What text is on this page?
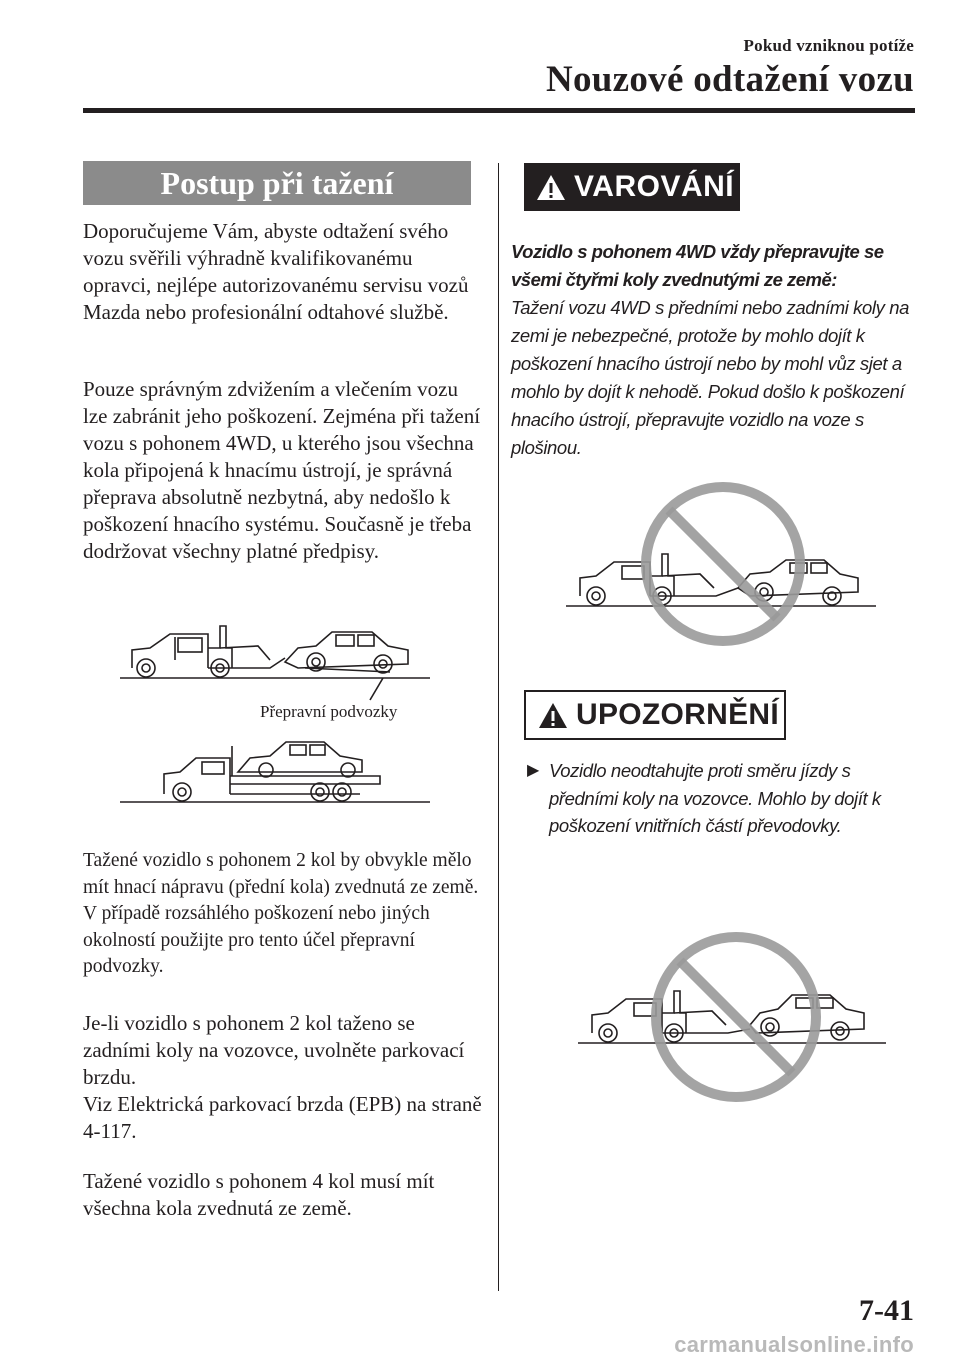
Pokud vzniknou potíže
Nouzové odtažení vozu
Postup při tažení

Doporučujeme Vám, abyste odtažení svého vozu svěřili výhradně kvalifikovanému opravci, nejlépe autorizovanému servisu vozů Mazda nebo profesionální odtahové službě.

Pouze správným zdvižením a vlečením vozu lze zabránit jeho poškození. Zejména při tažení vozu s pohonem 4WD, u kterého jsou všechna kola připojená k hnacímu ústrojí, je správná přeprava absolutně nezbytná, aby nedošlo k poškození hnacího systému. Současně je třeba dodržovat všechny platné předpisy.

Přepravní podvozky

Tažené vozidlo s pohonem 2 kol by obvykle mělo mít hnací nápravu (přední kola) zvednutá ze země. V případě rozsáhlého poškození nebo jiných okolností použijte pro tento účel přepravní podvozky.

Je-li vozidlo s pohonem 2 kol taženo se zadními koly na vozovce, uvolněte parkovací brzdu.

Viz Elektrická parkovací brzda (EPB) na straně 4-117.

Tažené vozidlo s pohonem 4 kol musí mít všechna kola zvednutá ze země.

VAROVÁNÍ
Vozidlo s pohonem 4WD vždy přepravujte se všemi čtyřmi koly zvednutými ze země:
Tažení vozu 4WD s předními nebo zadními koly na zemi je nebezpečné, protože by mohlo dojít k poškození hnacího ústrojí nebo by mohl vůz sjet a mohlo by dojít k nehodě. Pokud došlo k poškození hnacího ústrojí, přepravujte vozidlo na voze s plošinou.
UPOZORNĚNÍ
▶ Vozidlo neodtahujte proti směru jízdy s předními koly na vozovce. Mohlo by dojít k poškození vnitřních částí převodovky.
7-41
carmanualsonline.info
